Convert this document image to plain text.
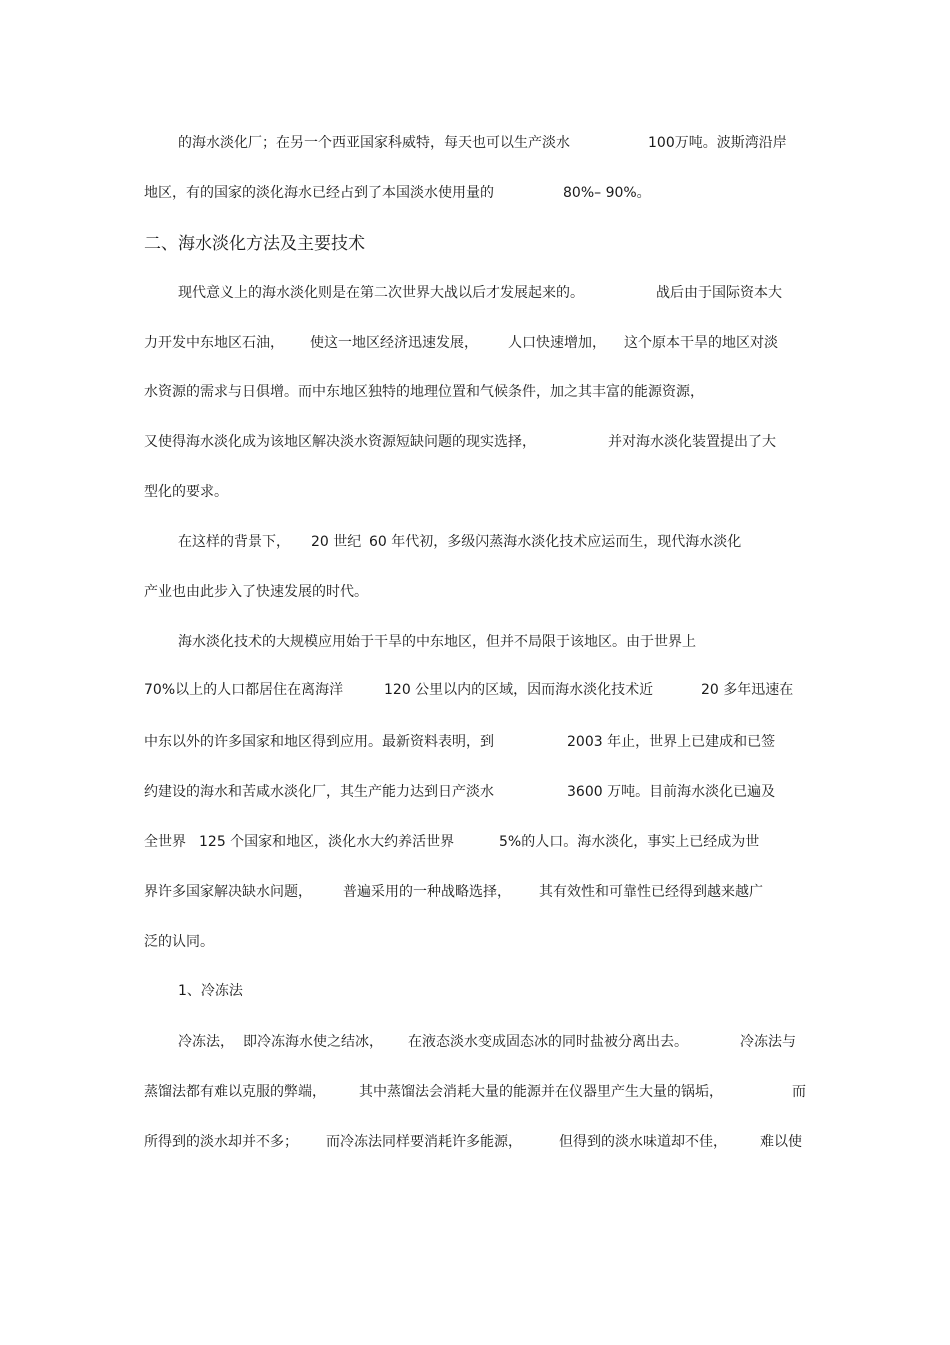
二、海水淡化方法及主要技术
1、冷冻法
的海水淡化厂；在另一个西亚国家科威特，每天也可以生产淡水	100万吨。波斯湾沿岸
地区，有的国家的淡化海水已经占到了本国淡水使用量的	80%– 90%。
现代意义上的海水淡化则是在第二次世界大战以后才发展起来的。	战后由于国际资本大
力开发中东地区石油， 使这一地区经济迅速发展， 人口快速增加， 这个原本干旱的地区对淡
水资源的需求与日俱增。而中东地区独特的地理位置和气候条件，加之其丰富的能源资源，
又使得海水淡化成为该地区解决淡水资源短缺问题的现实选择，	并对海水淡化装置提出了大
型化的要求。
在这样的背景下， 20 世纪 60 年代初，多级闪蒸海水淡化技术应运而生，现代海水淡化
产业也由此步入了快速发展的时代。
海水淡化技术的大规模应用始于干旱的中东地区，但并不局限于该地区。由于世界上
70%以上的人口都居住在离海洋	120 公里以内的区域，因而海水淡化技术近	20 多年迅速在
中东以外的许多国家和地区得到应用。最新资料表明，到	2003 年止，世界上已建成和已签
约建设的海水和苦咸水淡化厂，其生产能力达到日产淡水	3600 万吨。目前海水淡化已遍及
全世界 125 个国家和地区，淡化水大约养活世界	5%的人口。海水淡化，事实上已经成为世
界许多国家解决缺水问题， 普遍采用的一种战略选择， 其有效性和可靠性已经得到越来越广
泛的认同。
冷冻法， 即冷冻海水使之结冰， 在液态淡水变成固态冰的同时盐被分离出去。	冷冻法与
蒸馏法都有难以克服的弊端， 其中蒸馏法会消耗大量的能源并在仪器里产生大量的锅垢，	而
所得到的淡水却并不多； 而冷冻法同样要消耗许多能源，	但得到的淡水味道却不佳， 难以使
